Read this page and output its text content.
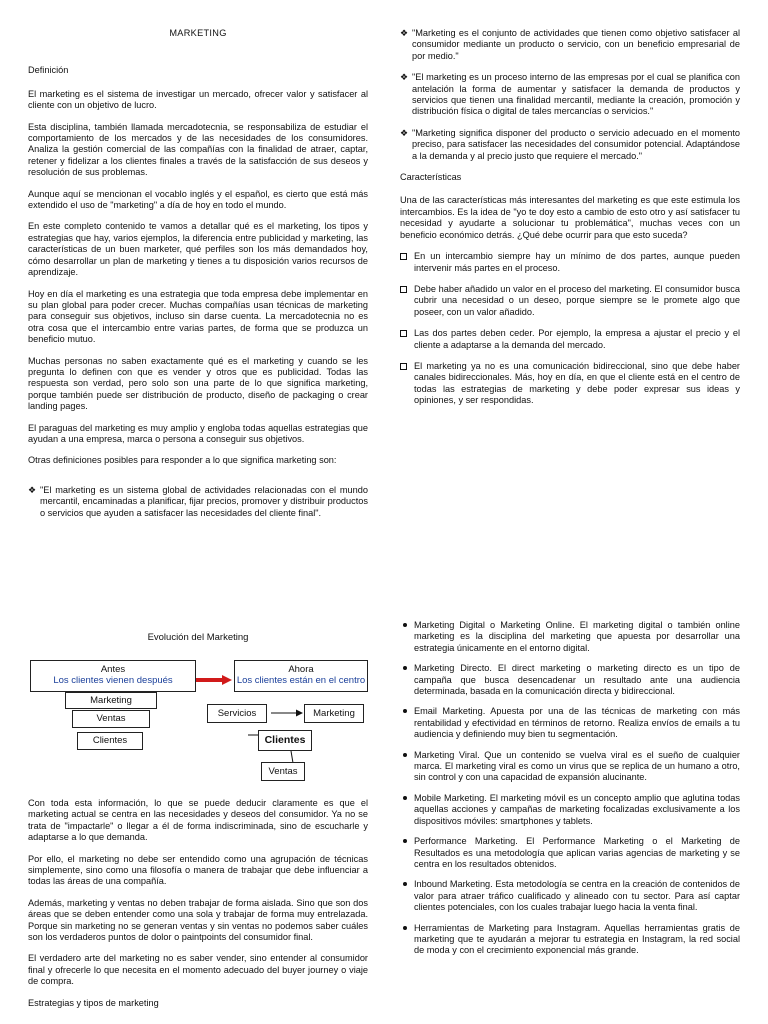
MARKETING
Definición

El marketing es el sistema de investigar un mercado, ofrecer valor y satisfacer al cliente con un objetivo de lucro.

Esta disciplina, también llamada mercadotecnia, se responsabiliza de estudiar el comportamiento de los mercados y de las necesidades de los consumidores. Analiza la gestión comercial de las compañías con la finalidad de atraer, captar, retener y fidelizar a los clientes finales a través de la satisfacción de sus deseos y resolución de sus problemas.

Aunque aquí se mencionan el vocablo inglés y el español, es cierto que está más extendido el uso de "marketing" a día de hoy en todo el mundo.

En este completo contenido te vamos a detallar qué es el marketing, los tipos y estrategias que hay, varios ejemplos, la diferencia entre publicidad y marketing, las características de un buen marketer, qué perfiles son los más demandados hoy, cómo desarrollar un plan de marketing y tienes a tu disposición varios recursos de aprendizaje.

Hoy en día el marketing es una estrategia que toda empresa debe implementar en su plan global para poder crecer. Muchas compañías usan técnicas de marketing para conseguir sus objetivos, incluso sin darse cuenta. La mercadotecnia no es otra cosa que el intercambio entre varias partes, de forma que se produzca un beneficio mutuo.

Muchas personas no saben exactamente qué es el marketing y cuando se les pregunta lo definen con que es vender y otros que es publicidad. Todas las respuesta son verdad, pero solo son una parte de lo que significa marketing, porque también puede ser distribución de producto, diseño de packaging o crear landing pages.

El paraguas del marketing es muy amplio y engloba todas aquellas estrategias que ayudan a una empresa, marca o persona a conseguir sus objetivos.

Otras definiciones posibles para responder a lo que significa marketing son:

❖ "El marketing es un sistema global de actividades relacionadas con el mundo mercantil, encaminadas a planificar, fijar precios, promover y distribuir productos o servicios que ayuden a satisfacer las necesidades del cliente final".
❖ "Marketing es el conjunto de actividades que tienen como objetivo satisfacer al consumidor mediante un producto o servicio, con un beneficio empresarial de por medio."
❖ "El marketing es un proceso interno de las empresas por el cual se planifica con antelación la forma de aumentar y satisfacer la demanda de productos y servicios que tienen una finalidad mercantil, mediante la creación, promoción y distribución física o digital de tales mercancías o servicios."
❖ "Marketing significa disponer del producto o servicio adecuado en el momento preciso, para satisfacer las necesidades del consumidor potencial. Adaptándose a la demanda y al precio justo que requiere el mercado."
Características

Una de las características más interesantes del marketing es que este estimula los intercambios. Es la idea de "yo te doy esto a cambio de esto otro y así satisfacer tu necesidad y ayudarte a solucionar tu problemática", muchas veces con un beneficio económico detrás. ¿Qué debe ocurrir para que esto suceda?

En un intercambio siempre hay un mínimo de dos partes, aunque pueden intervenir más partes en el proceso.
Debe haber añadido un valor en el proceso del marketing. El consumidor busca cubrir una necesidad o un deseo, porque siempre se le promete algo que poseer, con un valor añadido.
Las dos partes deben ceder. Por ejemplo, la empresa a ajustar el precio y el cliente a adaptarse a la demanda del mercado.
El marketing ya no es una comunicación bidireccional, sino que debe haber canales bidireccionales. Más, hoy en día, en que el cliente está en el centro de todas las estrategias de marketing y debe poder expresar sus ideas y opiniones, y ser respondidas.
Evolución del Marketing
Antes
Los clientes vienen después
Ahora
Los clientes están en el centro
Marketing
Ventas
Clientes
Servicios	Marketing
Clientes
Ventas

Con toda esta información, lo que se puede deducir claramente es que el marketing actual se centra en las necesidades y deseos del consumidor. Ya no se trata de "impactarle" o llegar a él de forma indiscriminada, sino de escucharle y adaptarse a lo que demanda.

Por ello, el marketing no debe ser entendido como una agrupación de técnicas simplemente, sino como una filosofía o manera de trabajar que debe influenciar a todas las áreas de una compañía.

Además, marketing y ventas no deben trabajar de forma aislada. Sino que son dos áreas que se deben entender como una sola y trabajar de forma muy entrelazada. Porque sin marketing no se generan ventas y sin ventas no podemos saber cuáles son los verdaderos puntos de dolor o paintpoints del consumidor final.

El verdadero arte del marketing no es saber vender, sino entender al consumidor final y ofrecerle lo que necesita en el momento adecuado del buyer journey o viaje de compra.

Estrategias y tipos de marketing
Marketing Digital o Marketing Online. El marketing digital o también online marketing es la disciplina del marketing que apuesta por desarrollar una estrategia únicamente en el entorno digital.
Marketing Directo. El direct marketing o marketing directo es un tipo de campaña que busca desencadenar un resultado ante una audiencia determinada, basada en la comunicación directa y bidireccional.
Email Marketing. Apuesta por una de las técnicas de marketing con más rentabilidad y efectividad en términos de retorno. Realiza envíos de emails a tu audiencia y definiendo muy bien tu segmentación.
Marketing Viral. Que un contenido se vuelva viral es el sueño de cualquier marca. El marketing viral es como un virus que se replica de un humano a otro, sin control y con una capacidad de expansión alucinante.
Mobile Marketing. El marketing móvil es un concepto amplio que aglutina todas aquellas acciones y campañas de marketing focalizadas exclusivamente a los dispositivos móviles: smartphones y tablets.
Performance Marketing. El Performance Marketing o el Marketing de Resultados es una metodología que aplican varias agencias de marketing y se centra en los resultados obtenidos.
Inbound Marketing. Esta metodología se centra en la creación de contenidos de valor para atraer tráfico cualificado y alineado con tu sector. Para así captar clientes potenciales, con los cuales trabajar luego hacia la venta final.
Herramientas de Marketing para Instagram. Aquellas herramientas gratis de marketing que te ayudarán a mejorar tu estrategia en Instagram, la red social de moda y con el crecimiento exponencial más grande.
